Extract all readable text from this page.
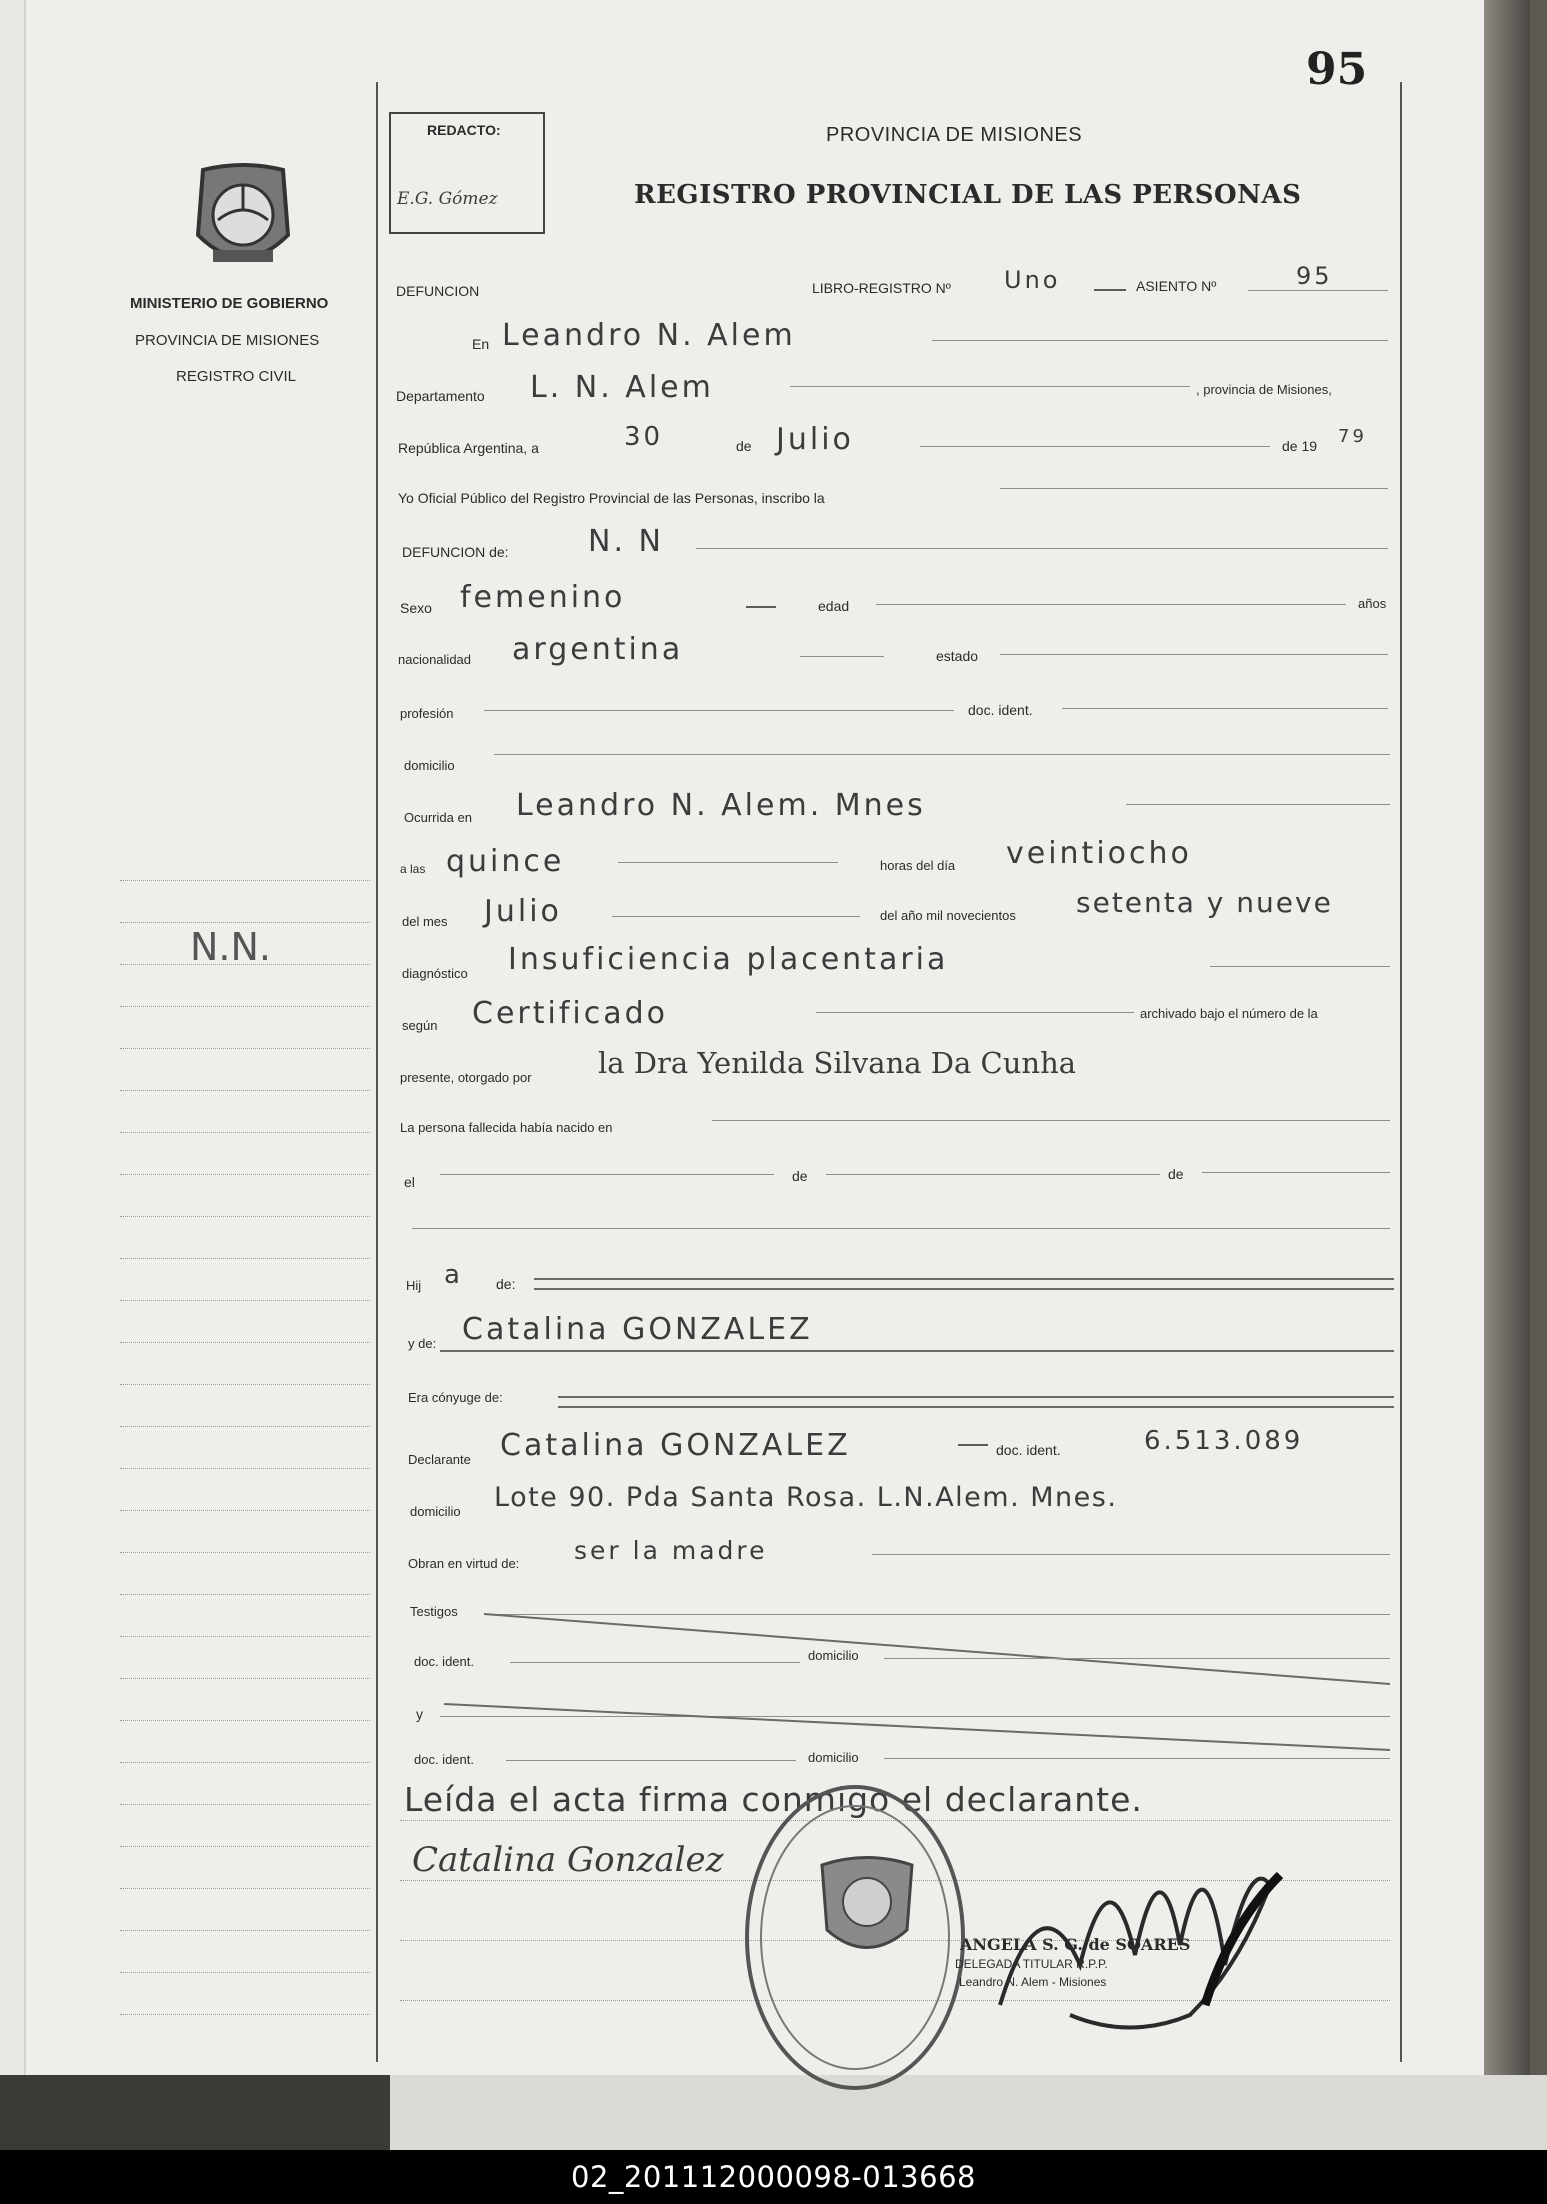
95
MINISTERIO DE GOBIERNO
PROVINCIA DE MISIONES
REGISTRO CIVIL
N.N.
REDACTO:
E.G. Gómez
PROVINCIA DE MISIONES
REGISTRO PROVINCIAL DE LAS PERSONAS
DEFUNCION	LIBRO-REGISTRO Nº Uno	ASIENTO Nº	95
En Leandro N. Alem
Departamento L. N. Alem	, provincia de Misiones,
República Argentina, a	30	de Julio	de 19 79
Yo Oficial Público del Registro Provincial de las Personas, inscribo la
DEFUNCION de:	N. N
Sexo femenino	edad	años
nacionalidad argentina	estado
profesión	doc. ident.
domicilio
Ocurrida en Leandro N. Alem. Mnes
a las quince	horas del día veintiocho
del mes Julio	del año mil novecientos setenta y nueve
diagnóstico Insuficiencia placentaria
según Certificado	archivado bajo el número de la
presente, otorgado por la Dra Yenilda Silvana Da Cunha
La persona fallecida había nacido en
el	de	de
Hij a de:
y de: Catalina GONZALEZ
Era cónyuge de:
Declarante Catalina GONZALEZ	doc. ident.	6.513.089
domicilio Lote 90. Pda Santa Rosa. L.N.Alem. Mnes.
Obran en virtud de: ser la madre
Testigos
doc. ident.	domicilio
y
doc. ident.	domicilio
Leída el acta firma conmigo el declarante.
Catalina Gonzalez
ANGELA S. G. de SOARES
DELEGADA TITULAR R.P.P.
Leandro N. Alem - Misiones
02_201112000098-013668
